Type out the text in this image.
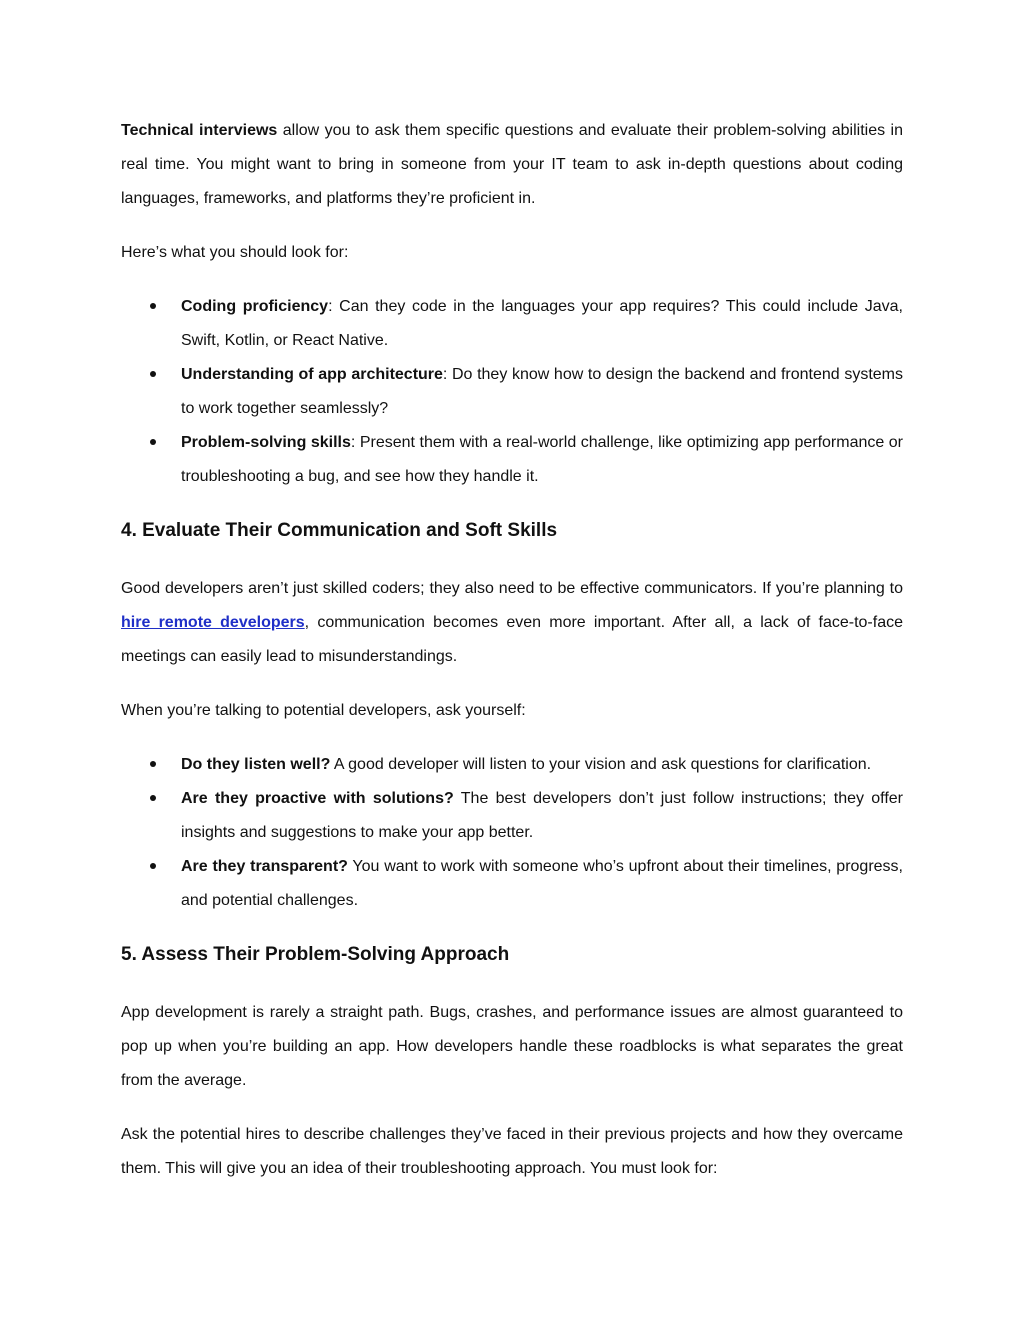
Technical interviews allow you to ask them specific questions and evaluate their problem-solving abilities in real time. You might want to bring in someone from your IT team to ask in-depth questions about coding languages, frameworks, and platforms they’re proficient in.

Here’s what you should look for:

Coding proficiency: Can they code in the languages your app requires? This could include Java, Swift, Kotlin, or React Native.
Understanding of app architecture: Do they know how to design the backend and frontend systems to work together seamlessly?
Problem-solving skills: Present them with a real-world challenge, like optimizing app performance or troubleshooting a bug, and see how they handle it.
4. Evaluate Their Communication and Soft Skills

Good developers aren’t just skilled coders; they also need to be effective communicators. If you’re planning to hire remote developers, communication becomes even more important. After all, a lack of face-to-face meetings can easily lead to misunderstandings.

When you’re talking to potential developers, ask yourself:

Do they listen well? A good developer will listen to your vision and ask questions for clarification.
Are they proactive with solutions? The best developers don’t just follow instructions; they offer insights and suggestions to make your app better.
Are they transparent? You want to work with someone who’s upfront about their timelines, progress, and potential challenges.
5. Assess Their Problem-Solving Approach

App development is rarely a straight path. Bugs, crashes, and performance issues are almost guaranteed to pop up when you’re building an app. How developers handle these roadblocks is what separates the great from the average.

Ask the potential hires to describe challenges they’ve faced in their previous projects and how they overcame them. This will give you an idea of their troubleshooting approach. You must look for:
